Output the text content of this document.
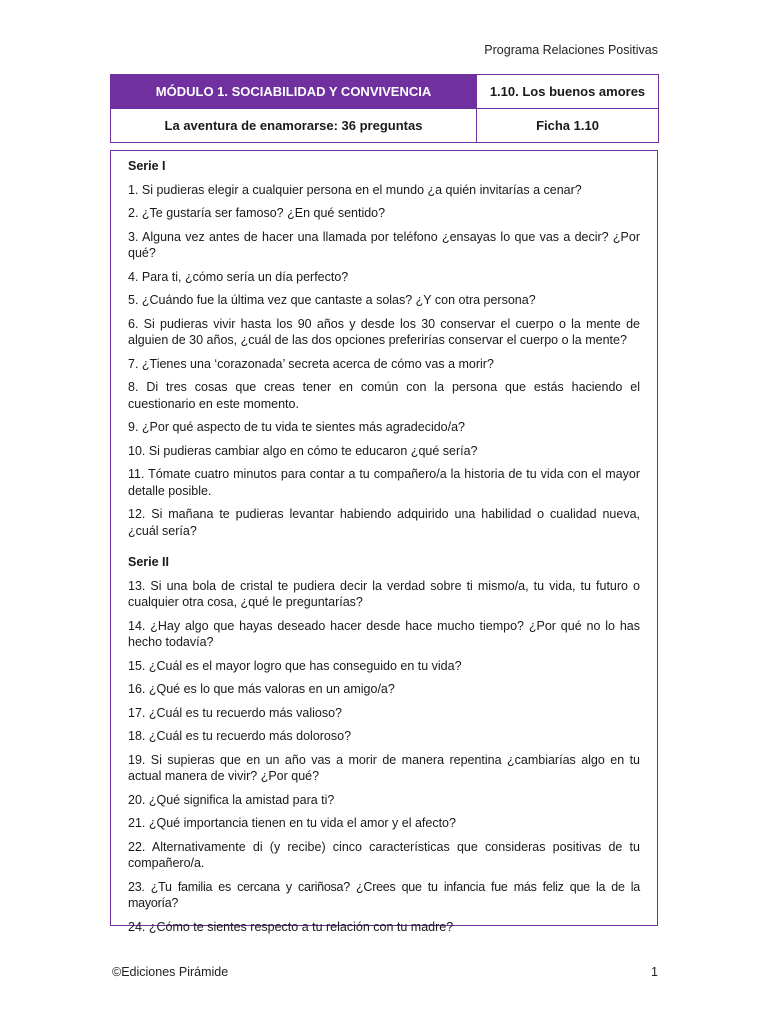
Programa Relaciones Positivas
MÓDULO 1. SOCIABILIDAD Y CONVIVENCIA	1.10. Los buenos amores
La aventura de enamorarse: 36 preguntas	Ficha 1.10
Serie I

1. Si pudieras elegir a cualquier persona en el mundo ¿a quién invitarías a cenar?

2. ¿Te gustaría ser famoso? ¿En qué sentido?

3. Alguna vez antes de hacer una llamada por teléfono ¿ensayas lo que vas a decir? ¿Por qué?

4. Para ti, ¿cómo sería un día perfecto?

5. ¿Cuándo fue la última vez que cantaste a solas? ¿Y con otra persona?

6. Si pudieras vivir hasta los 90 años y desde los 30 conservar el cuerpo o la mente de alguien de 30 años, ¿cuál de las dos opciones preferirías conservar el cuerpo o la mente?

7. ¿Tienes una ‘corazonada’ secreta acerca de cómo vas a morir?

8. Di tres cosas que creas tener en común con la persona que estás haciendo el cuestionario en este momento.

9. ¿Por qué aspecto de tu vida te sientes más agradecido/a?

10. Si pudieras cambiar algo en cómo te educaron ¿qué sería?

11. Tómate cuatro minutos para contar a tu compañero/a la historia de tu vida con el mayor detalle posible.

12. Si mañana te pudieras levantar habiendo adquirido una habilidad o cualidad nueva, ¿cuál sería?

Serie II

13. Si una bola de cristal te pudiera decir la verdad sobre ti mismo/a, tu vida, tu futuro o cualquier otra cosa, ¿qué le preguntarías?

14. ¿Hay algo que hayas deseado hacer desde hace mucho tiempo? ¿Por qué no lo has hecho todavía?

15. ¿Cuál es el mayor logro que has conseguido en tu vida?

16. ¿Qué es lo que más valoras en un amigo/a?

17. ¿Cuál es tu recuerdo más valioso?

18. ¿Cuál es tu recuerdo más doloroso?

19. Si supieras que en un año vas a morir de manera repentina ¿cambiarías algo en tu actual manera de vivir? ¿Por qué?

20. ¿Qué significa la amistad para ti?

21. ¿Qué importancia tienen en tu vida el amor y el afecto?

22. Alternativamente di (y recibe) cinco características que consideras positivas de tu compañero/a.

23. ¿Tu familia es cercana y cariñosa? ¿Crees que tu infancia fue más feliz que la de la mayoría?

24. ¿Cómo te sientes respecto a tu relación con tu madre?

©Ediciones Pirámide	1
